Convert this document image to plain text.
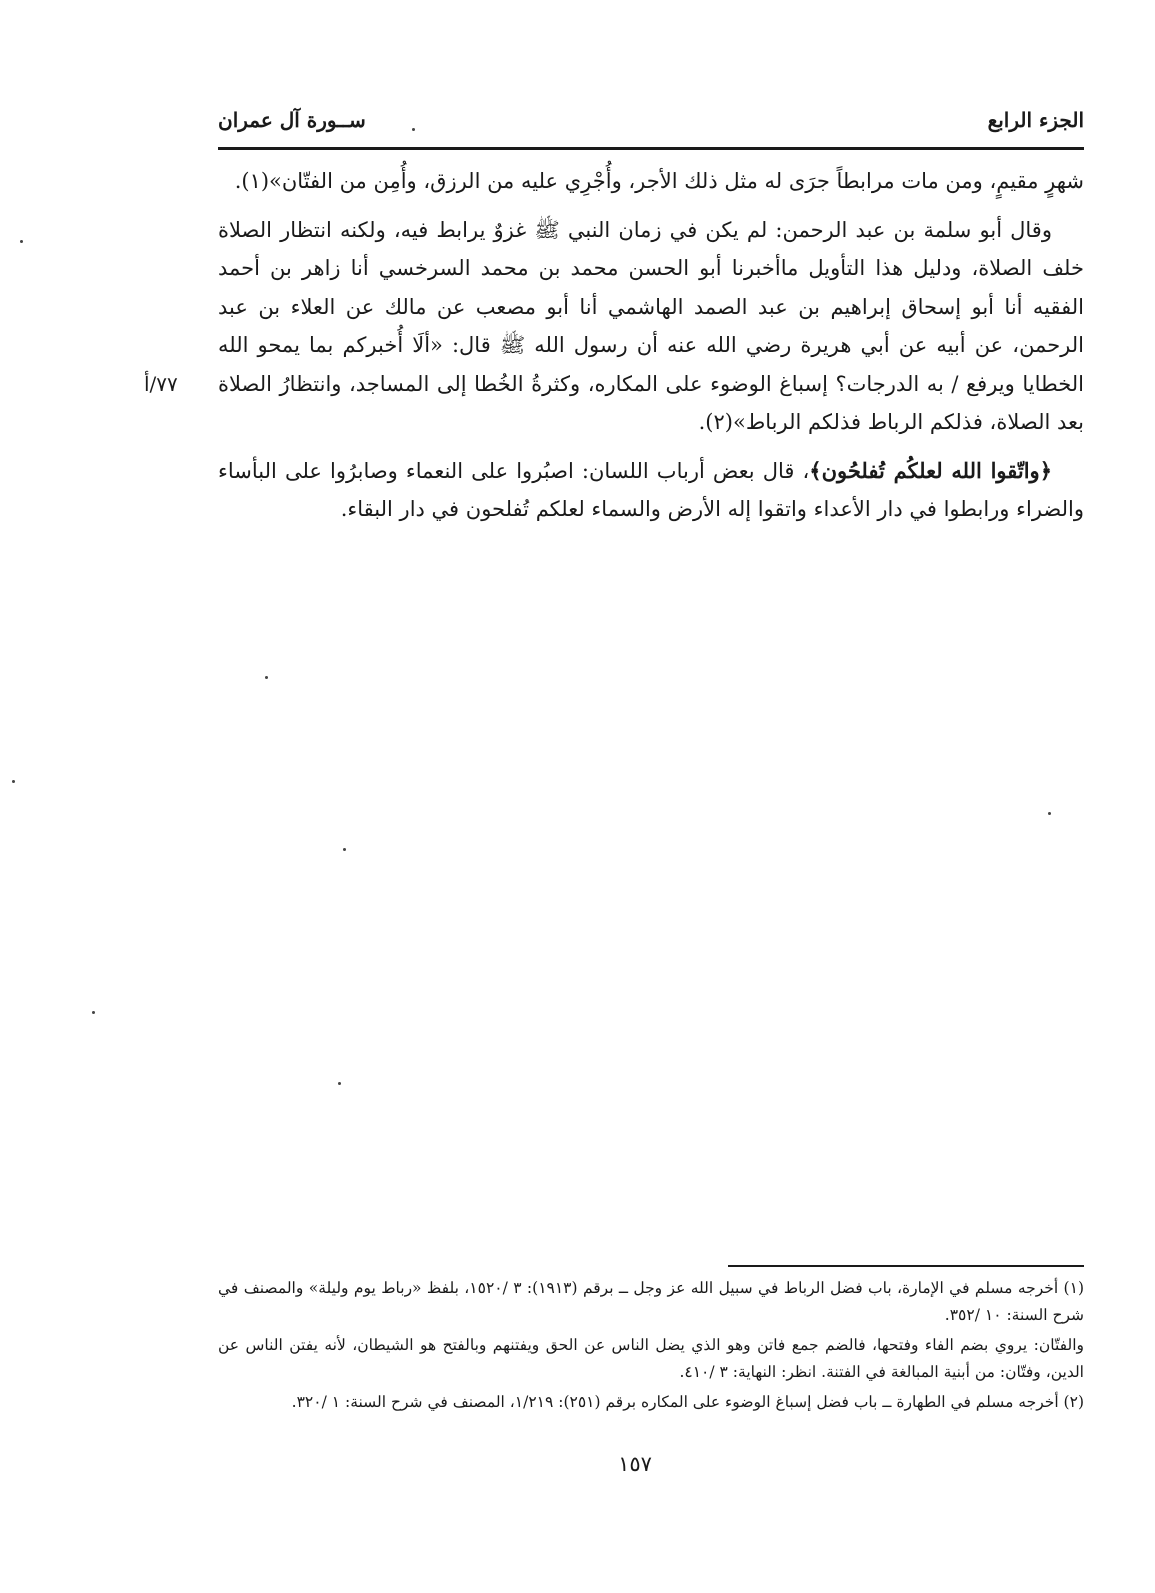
الجزء الرابع
ســورة آل عمران
٧٧/أ

شهرٍ مقيمٍ، ومن مات مرابطاً جرَى له مثل ذلك الأجر، وأُجْرِي عليه من الرزق، وأُمِن من الفتّان»(١).

وقال أبو سلمة بن عبد الرحمن: لم يكن في زمان النبي ﷺ غزوٌ يرابط فيه، ولكنه انتظار الصلاة خلف الصلاة، ودليل هذا التأويل ماأخبرنا أبو الحسن محمد بن محمد السرخسي أنا زاهر بن أحمد الفقيه أنا أبو إسحاق إبراهيم بن عبد الصمد الهاشمي أنا أبو مصعب عن مالك عن العلاء بن عبد الرحمن، عن أبيه عن أبي هريرة رضي الله عنه أن رسول الله ﷺ قال: «ألَا أُخبركم بما يمحو الله الخطايا ويرفع / به الدرجات؟ إسباغ الوضوء على المكاره، وكثرةُ الخُطا إلى المساجد، وانتظارُ الصلاة بعد الصلاة، فذلكم الرباط فذلكم الرباط»(٢).

﴿واتّقوا الله لعلكُم تُفلحُون﴾، قال بعض أرباب اللسان: اصبُروا على النعماء وصابرُوا على البأساء والضراء ورابطوا في دار الأعداء واتقوا إله الأرض والسماء لعلكم تُفلحون في دار البقاء.

(١) أخرجه مسلم في الإمارة، باب فضل الرباط في سبيل الله عز وجل ــ برقم (١٩١٣): ٣ /١٥٢٠، بلفظ «رباط يوم وليلة» والمصنف في شرح السنة: ١٠ /٣٥٢.

والفتّان: يروي بضم الفاء وفتحها، فالضم جمع فاتن وهو الذي يضل الناس عن الحق ويفتنهم وبالفتح هو الشيطان، لأنه يفتن الناس عن الدين، وفتّان: من أبنية المبالغة في الفتنة. انظر: النهاية: ٣ /٤١٠.

(٢) أخرجه مسلم في الطهارة ــ باب فضل إسباغ الوضوء على المكاره برقم (٢٥١): ١/٢١٩، المصنف في شرح السنة: ١ /٣٢٠.

١٥٧
